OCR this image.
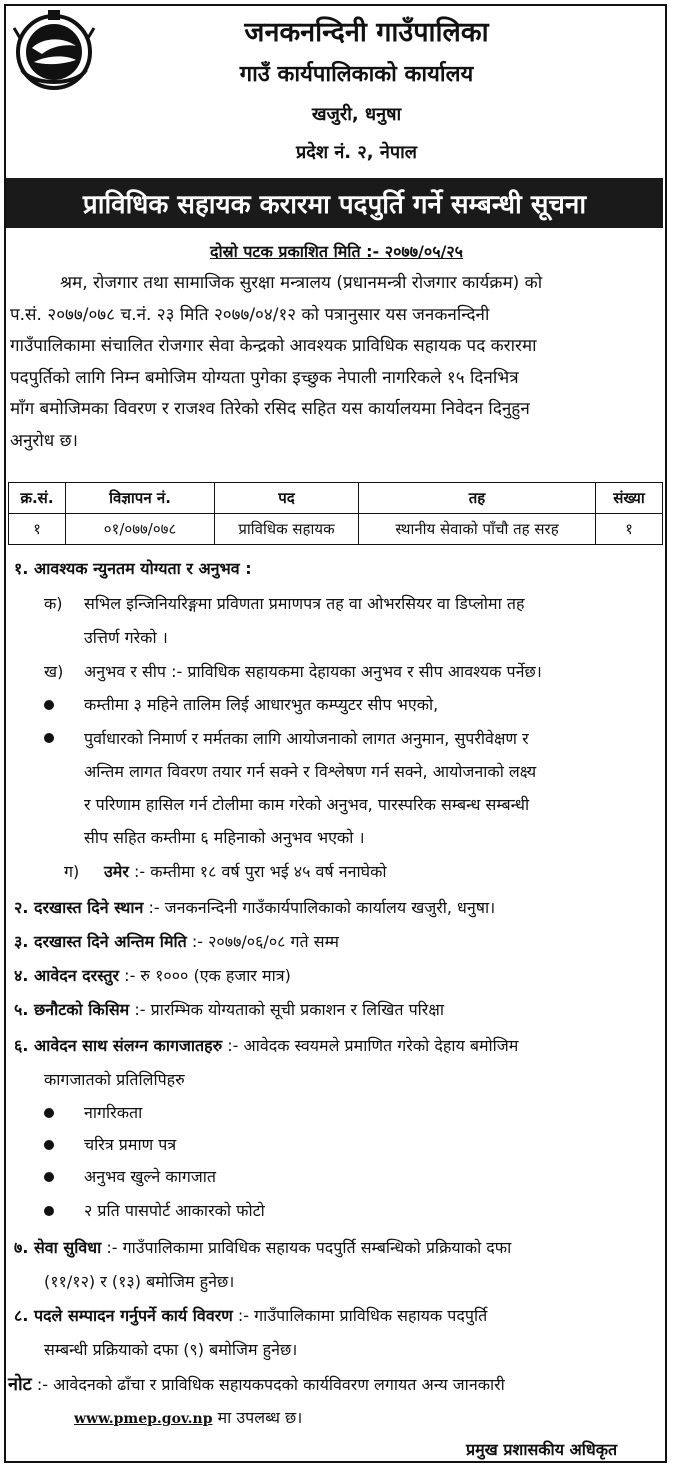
जनकनन्दिनी गाउँपालिका
गाउँ कार्यपालिकाको कार्यालय
खजुरी, धनुषा
प्रदेश नं. २, नेपाल
प्राविधिक सहायक करारमा पदपुर्ति गर्ने सम्बन्धी सूचना
दोस्रो पटक प्रकाशित मिति :- २०७७/०५/२५
श्रम, रोजगार तथा सामाजिक सुरक्षा मन्त्रालय (प्रधानमन्त्री रोजगार कार्यक्रम) को
प.सं. २०७७/०७८ च.नं. २३ मिति २०७७/०४/१२ को पत्रानुसार यस जनकनन्दिनी
गाउँपालिकामा संचालित रोजगार सेवा केन्द्रको आवश्यक प्राविधिक सहायक पद करारमा
पदपुर्तिको लागि निम्न बमोजिम योग्यता पुगेका इच्छुक नेपाली नागरिकले १५ दिनभित्र
माँग बमोजिमका विवरण र राजश्व तिरेको रसिद सहित यस कार्यालयमा निवेदन दिनुहुन
अनुरोध छ।
क्र.सं.	विज्ञापन नं.	पद	तह	संख्या
१	०१/०७७/०७८	प्राविधिक सहायक	स्थानीय सेवाको पाँचौ तह सरह	१
१. आवश्यक न्युनतम योग्यता र अनुभव :
क) सभिल इन्जिनियरिङ्गमा प्रविणता प्रमाणपत्र तह वा ओभरसियर वा डिप्लोमा तह
उत्तिर्ण गरेको ।
ख) अनुभव र सीप :- प्राविधिक सहायकमा देहायका अनुभव र सीप आवश्यक पर्नेछ।
कम्तीमा ३ महिने तालिम लिई आधारभुत कम्प्युटर सीप भएको,
पुर्वाधारको निमार्ण र मर्मतका लागि आयोजनाको लागत अनुमान, सुपरीवेक्षण र
अन्तिम लागत विवरण तयार गर्न सक्ने र विश्लेषण गर्न सक्ने, आयोजनाको लक्ष्य
र परिणाम हासिल गर्न टोलीमा काम गरेको अनुभव, पारस्परिक सम्बन्ध सम्बन्धी
सीप सहित कम्तीमा ६ महिनाको अनुभव भएको ।
ग) उमेर :- कम्तीमा १८ वर्ष पुरा भई ४५ वर्ष ननाघेको
२. दरखास्त दिने स्थान :- जनकनन्दिनी गाउँकार्यपालिकाको कार्यालय खजुरी, धनुषा।
३. दरखास्त दिने अन्तिम मिति :- २०७७/०६/०८ गते सम्म
४. आवेदन दरस्तुर :- रु १००० (एक हजार मात्र)
५. छनौटको किसिम :- प्रारम्भिक योग्यताको सूची प्रकाशन र लिखित परिक्षा
६. आवेदन साथ संलग्न कागजातहरु :- आवेदक स्वयमले प्रमाणित गरेको देहाय बमोजिम
कागजातको प्रतिलिपिहरु
नागरिकता
चरित्र प्रमाण पत्र
अनुभव खुल्ने कागजात
२ प्रति पासपोर्ट आकारको फोटो
७. सेवा सुविधा :- गाउँपालिकामा प्राविधिक सहायक पदपुर्ति सम्बन्धिको प्रक्रियाको दफा
(११/१२) र (१३) बमोजिम हुनेछ।
८. पदले सम्पादन गर्नुपर्ने कार्य विवरण :- गाउँपालिकामा प्राविधिक सहायक पदपुर्ति
सम्बन्धी प्रक्रियाको दफा (९) बमोजिम हुनेछ।
नोट :- आवेदनको ढाँचा र प्राविधिक सहायकपदको कार्यविवरण लगायत अन्य जानकारी
www.pmep.gov.np मा उपलब्ध छ।
प्रमुख प्रशासकीय अधिकृत
